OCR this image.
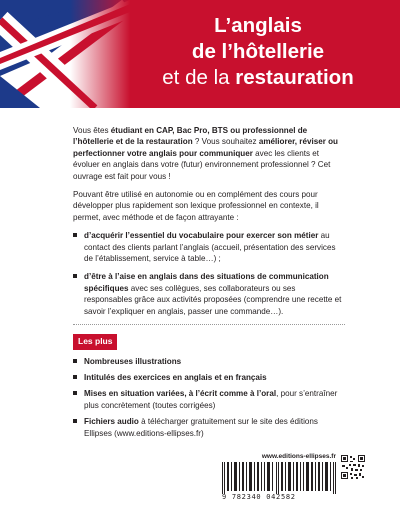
L’anglais
de l’hôtellerie
et de la restauration

Vous êtes étudiant en CAP, Bac Pro, BTS ou professionnel de l’hôtellerie et de la restauration ? Vous souhaitez améliorer, réviser ou perfectionner votre anglais pour communiquer avec les clients et évoluer en anglais dans votre (futur) environnement professionnel ? Cet ouvrage est fait pour vous !

Pouvant être utilisé en autonomie ou en complément des cours pour développer plus rapidement son lexique professionnel en contexte, il permet, avec méthode et de façon attrayante :

d’acquérir l’essentiel du vocabulaire pour exercer son métier au contact des clients parlant l’anglais (accueil, présentation des services de l’établissement, service à table…) ;
d’être à l’aise en anglais dans des situations de communication spécifiques avec ses collègues, ses collaborateurs ou ses responsables grâce aux activités proposées (comprendre une recette et savoir l’expliquer en anglais, passer une commande…).
Les plus
Nombreuses illustrations
Intitulés des exercices en anglais et en français
Mises en situation variées, à l’écrit comme à l’oral, pour s’entraîner plus concrètement (toutes corrigées)
Fichiers audio à télécharger gratuitement sur le site des éditions Ellipses (www.editions-ellipses.fr)
www.editions-ellipses.fr
9 782340 042582
